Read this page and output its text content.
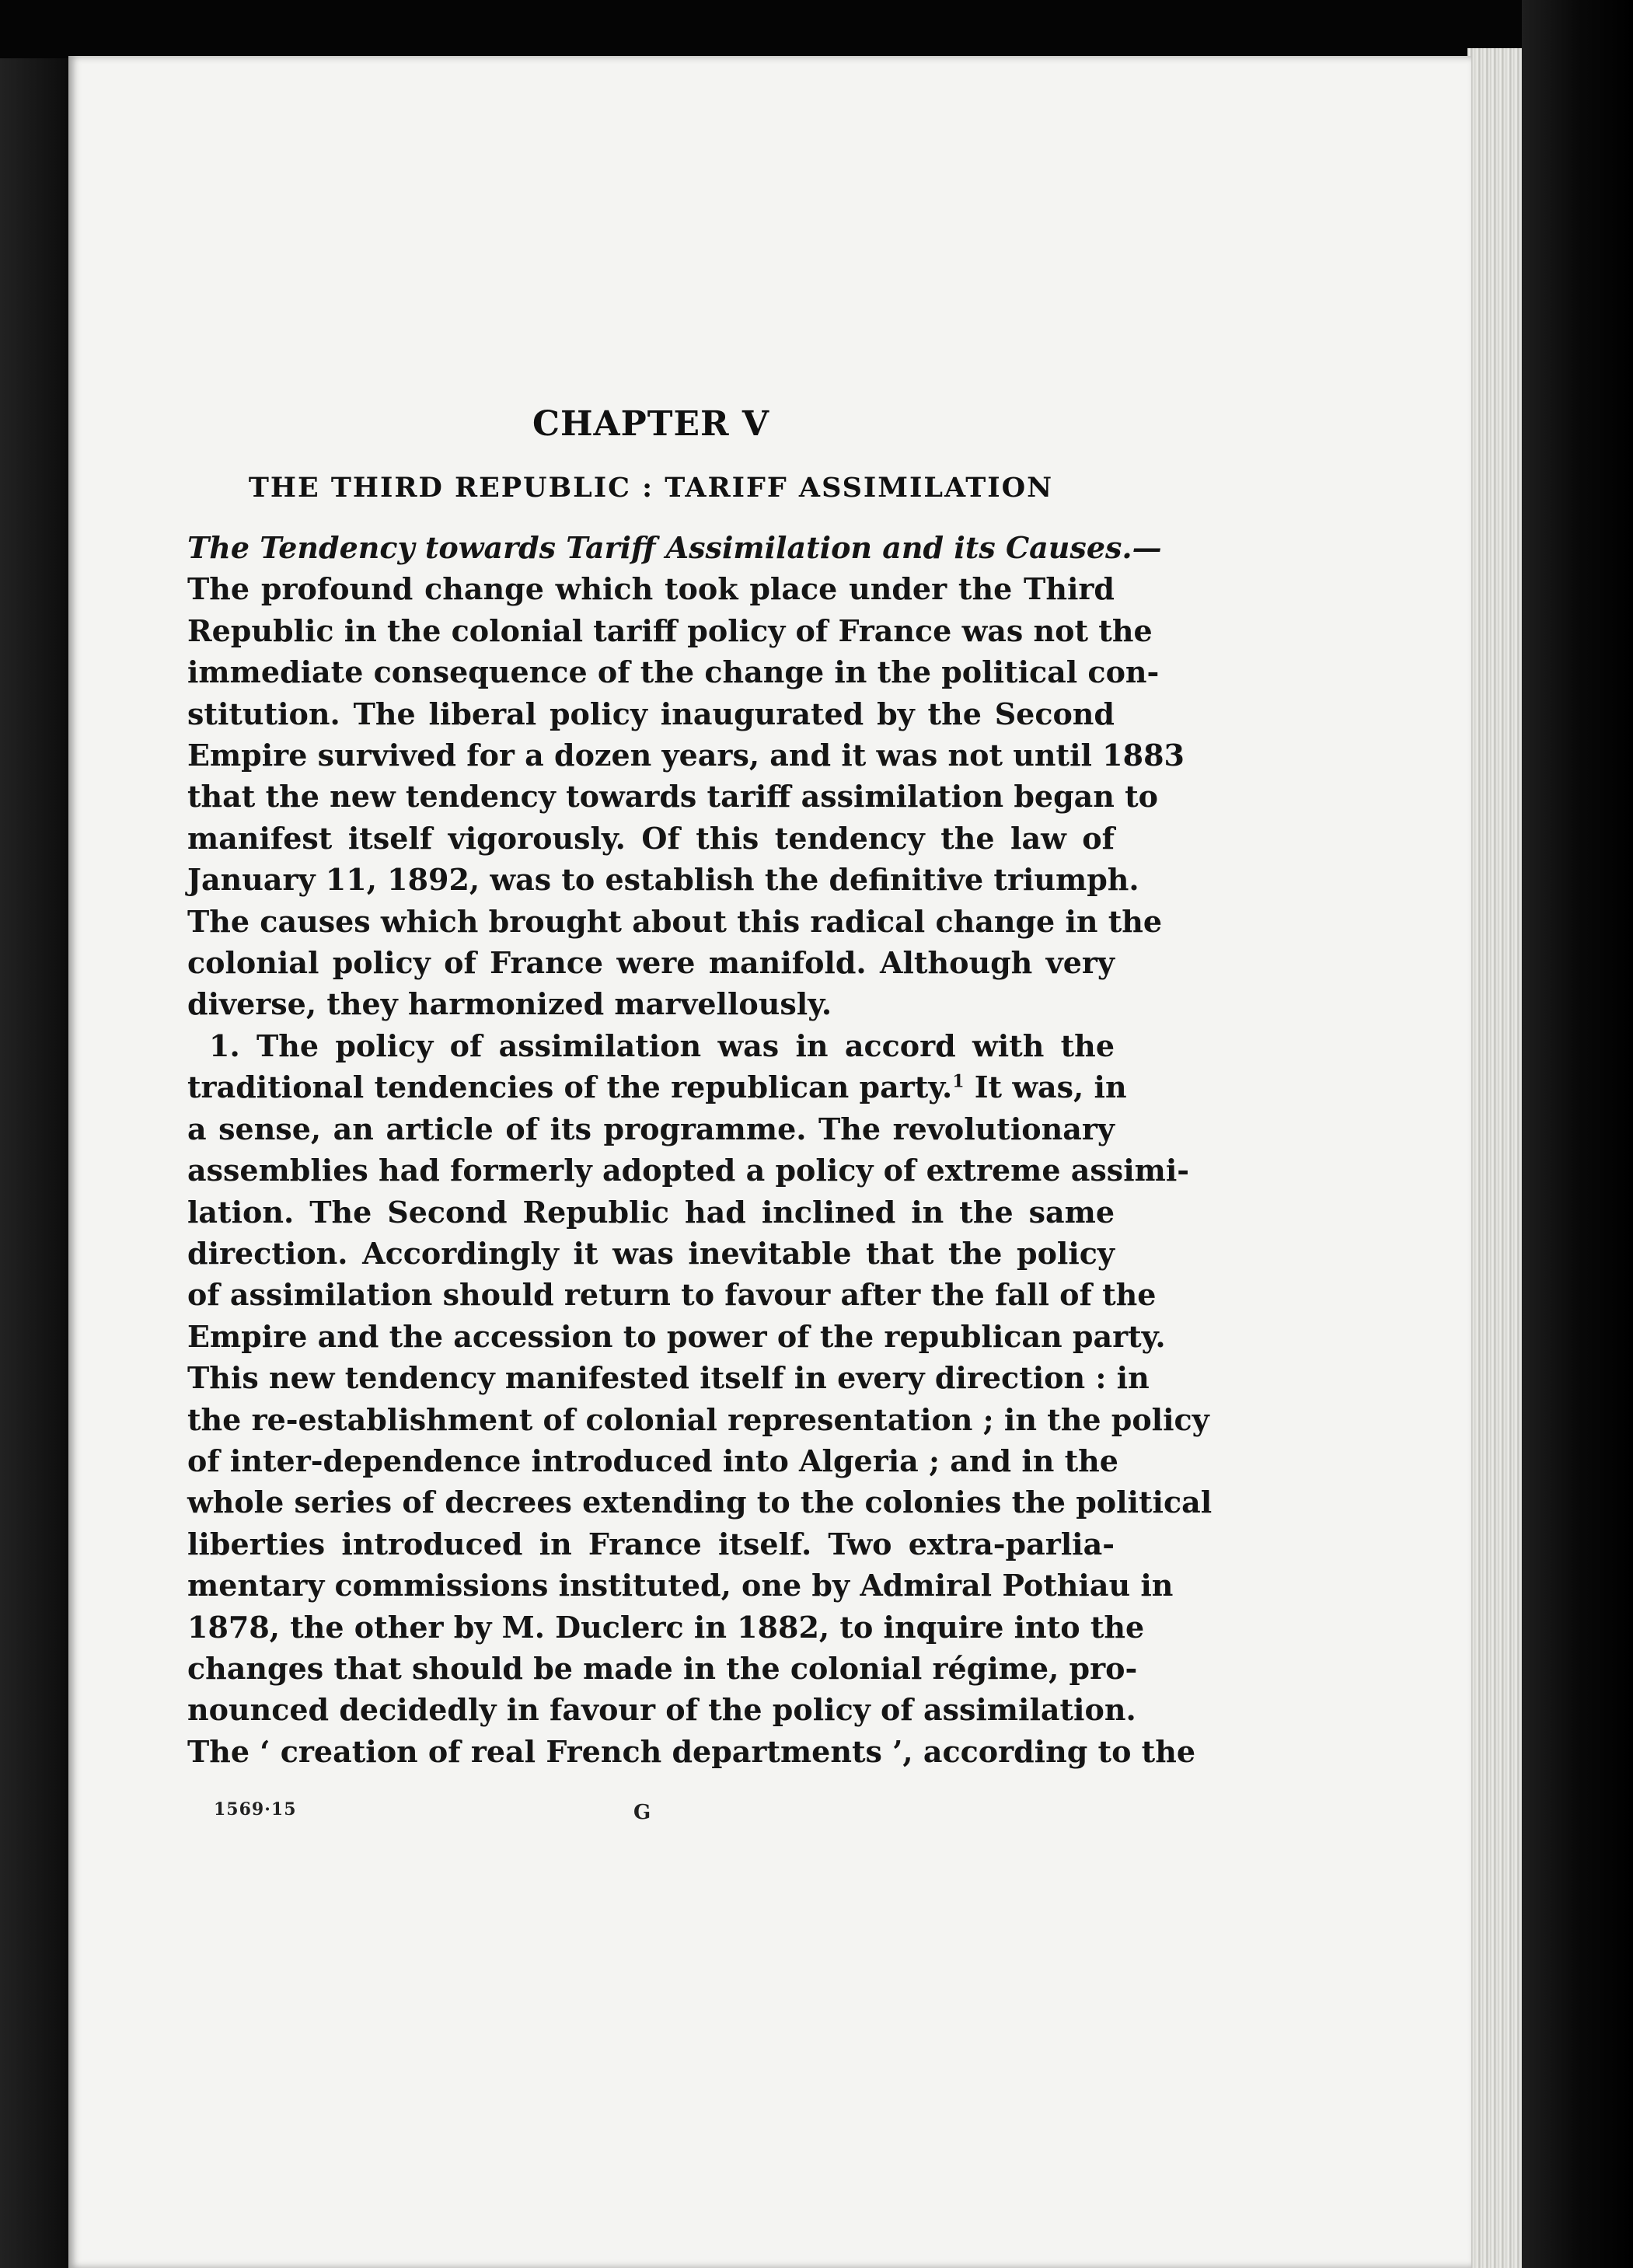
CHAPTER V
THE THIRD REPUBLIC : TARIFF ASSIMILATION
The Tendency towards Tariff Assimilation and its Causes.—
The profound change which took place under the Third
Republic in the colonial tariff policy of France was not the
immediate consequence of the change in the political con-
stitution. The liberal policy inaugurated by the Second
Empire survived for a dozen years, and it was not until 1883
that the new tendency towards tariff assimilation began to
manifest itself vigorously. Of this tendency the law of
January 11, 1892, was to establish the definitive triumph.
The causes which brought about this radical change in the
colonial policy of France were manifold. Although very
diverse, they harmonized marvellously.
1. The policy of assimilation was in accord with the
traditional tendencies of the republican party.$^1$ It was, in
a sense, an article of its programme. The revolutionary
assemblies had formerly adopted a policy of extreme assimi-
lation. The Second Republic had inclined in the same
direction. Accordingly it was inevitable that the policy
of assimilation should return to favour after the fall of the
Empire and the accession to power of the republican party.
This new tendency manifested itself in every direction : in
the re-establishment of colonial representation ; in the policy
of inter-dependence introduced into Algeria ; and in the
whole series of decrees extending to the colonies the political
liberties introduced in France itself. Two extra-parlia-
mentary commissions instituted, one by Admiral Pothiau in
1878, the other by M. Duclerc in 1882, to inquire into the
changes that should be made in the colonial régime, pro-
nounced decidedly in favour of the policy of assimilation.
The ‘ creation of real French departments ’, according to the
1569·15	G
